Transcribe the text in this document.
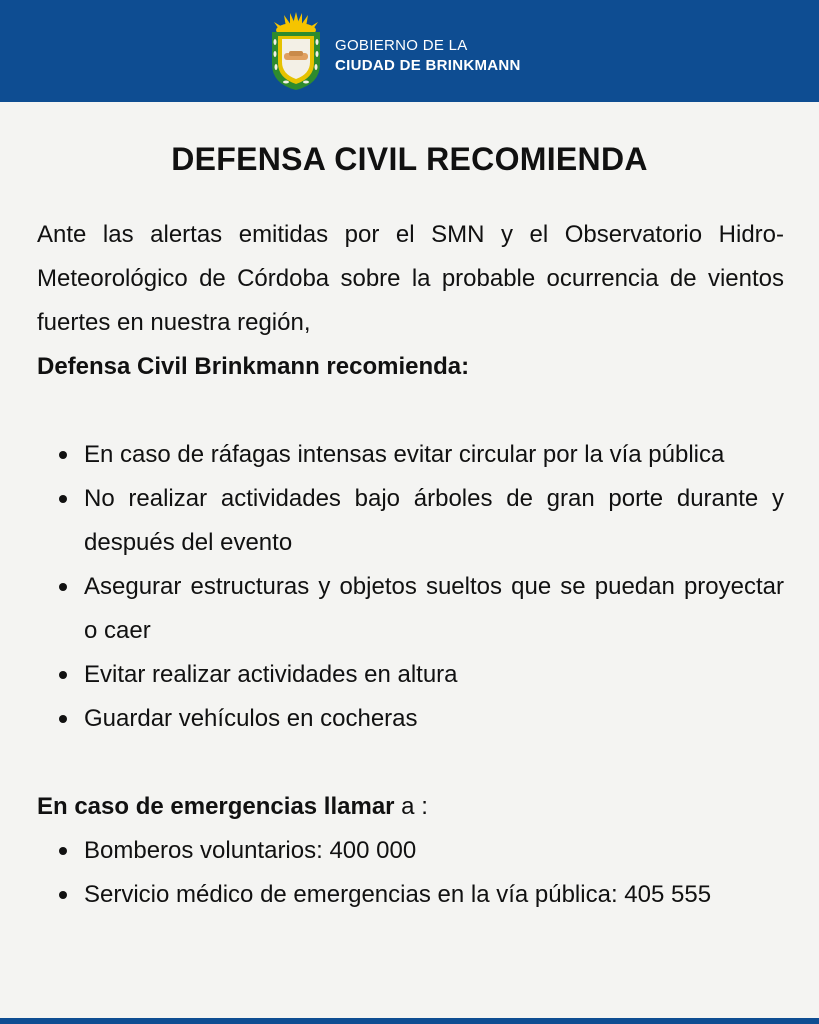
GOBIERNO DE LA
CIUDAD DE BRINKMANN
DEFENSA CIVIL RECOMIENDA

Ante las alertas emitidas por el SMN y el Observatorio Hidro-Meteorológico de Córdoba sobre la probable ocurrencia de vientos fuertes en nuestra región,

Defensa Civil Brinkmann recomienda:

En caso de ráfagas intensas evitar circular por la vía pública
No realizar actividades bajo árboles de gran porte durante y después del evento
Asegurar estructuras y objetos sueltos que se puedan proyectar o caer
Evitar realizar actividades en altura
Guardar vehículos en cocheras
En caso de emergencias llamar a :
Bomberos voluntarios: 400 000
Servicio médico de emergencias en la vía pública: 405 555
